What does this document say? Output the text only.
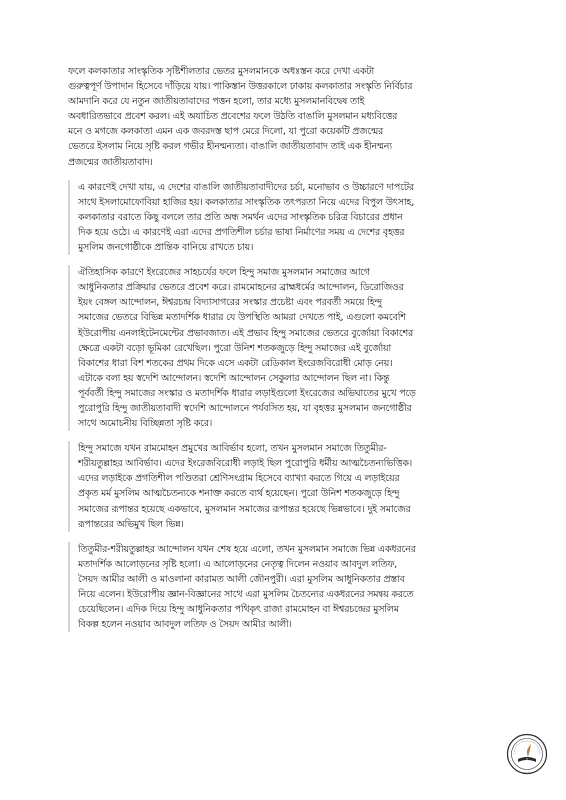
ফলে কলকাতার সাংস্কৃতিক সৃষ্টিশীলতার ভেতর মুসলমানকে অধঃস্তন করে দেখা একটা
গুরুত্বপূর্ণ উপাদান হিসেবে দাঁড়িয়ে যায়। পাকিস্তান উত্তরকালে ঢাকায় কলকাতার সংস্কৃতি নির্বিচার
আমদানি করে যে নতুন জাতীয়তাবাদের পত্তন হলো, তার মধ্যে মুসলমানবিদ্বেষ তাই
অবধারিতভাবে প্রবেশ করল। এই অযাচিত প্রবেশের ফলে উঠতি বাঙালি মুসলমান মধ্যবিত্তের
মনে ও মগজে কলকাতা এমন এক জবরদস্ত ছাপ মেরে দিলো, যা পুরো কয়েকটি প্রজন্মের
ভেতরে ইসলাম নিয়ে সৃষ্টি করল গভীর হীনম্মন্যতা। বাঙালি জাতীয়তাবাদ তাই এক হীনম্মন্য
প্রজন্মের জাতীয়তাবাদ।

এ কারণেই দেখা যায়, এ দেশের বাঙালি জাতীয়তাবাদীদের চর্চা, মনোভাব ও উচ্চারণে দাপটের
সাথে ইসলামোফোবিয়া হাজির হয়। কলকাতার সাংস্কৃতিক তৎপরতা নিয়ে এদের বিপুল উৎসাহ,
কলকাতার বরাতে কিছু বললে তার প্রতি অন্ধ সমর্থন এদের সাংস্কৃতিক চরিত্র বিচারের প্রধান
দিক হয়ে ওঠে। এ কারণেই এরা এদের প্রগতিশীল চর্চার ভাষা নির্মাণের সময় এ দেশের বৃহত্তর
মুসলিম জনগোষ্ঠীকে প্রান্তিক বানিয়ে রাখতে চায়।

ঐতিহাসিক কারণে ইংরেজের সাহচর্যের ফলে হিন্দু সমাজ মুসলমান সমাজের আগে
আধুনিকতার প্রক্রিয়ার ভেতরে প্রবেশ করে। রামমোহনের ব্রাহ্মধর্মের আন্দোলন, ডিরোজিওর
ইয়ং বেঙ্গল আন্দোলন, ঈশ্বরচন্দ্র বিদ্যাসাগরের সংস্কার প্রচেষ্টা এবং পরবর্তী সময়ে হিন্দু
সমাজের ভেতরে বিভিন্ন মতাদর্শিক ধারার যে উপস্থিতি আমরা দেখতে পাই, এগুলো কমবেশি
ইউরোপীয় এনলাইটেনমেন্টের প্রভাবজাত। এই প্রভাব হিন্দু সমাজের ভেতরে বুর্জোয়া বিকাশের
ক্ষেত্রে একটা বড়ো ভূমিকা রেখেছিল। পুরো উনিশ শতকজুড়ে হিন্দু সমাজের এই বুর্জোয়া
বিকাশের ধারা বিশ শতকের প্রথম দিকে এসে একটা রেডিকাল ইংরেজবিরোধী মোড় নেয়।
এটাকে বলা হয় স্বদেশি আন্দোলন। স্বদেশি আন্দোলন সেকুলার আন্দোলন ছিল না। কিন্তু
পূর্ববর্তী হিন্দু সমাজের সংস্কার ও মতাদর্শিক ধারার লড়াইগুলো ইংরেজের অভিঘাতের মুখে পড়ে
পুরোপুরি হিন্দু জাতীয়তাবাদী স্বদেশি আন্দোলনে পর্যবসিত হয়, যা বৃহত্তর মুসলমান জনগোষ্ঠীর
সাথে অমোচনীয় বিচ্ছিন্নতা সৃষ্টি করে।

হিন্দু সমাজে যখন রামমোহন প্রমুখের আবির্ভাব হলো, তখন মুসলমান সমাজে তিতুমীর-
শরীয়তুল্লাহর আবির্ভাব। এদের ইংরেজবিরোধী লড়াই ছিল পুরোপুরি ধর্মীয় আত্মচৈতন্যভিত্তিক।
এদের লড়াইকে প্রগতিশীল পণ্ডিতরা শ্রেণিসংগ্রাম হিসেবে ব্যাখ্যা করতে গিয়ে এ লড়াইয়ের
প্রকৃত মর্ম মুসলিম আত্মচৈতন্যকে শনাক্ত করতে ব্যর্থ হয়েছেন। পুরো উনিশ শতকজুড়ে হিন্দু
সমাজের রূপান্তর হয়েছে একভাবে, মুসলমান সমাজের রূপান্তর হয়েছে ভিন্নভাবে। দুই সমাজের
রূপান্তরের অভিমুখ ছিল ভিন্ন।

তিতুমীর-শরীয়তুল্লাহর আন্দোলন যখন শেষ হয়ে এলো, তখন মুসলমান সমাজে ভিন্ন একধরনের
মতাদর্শিক আলোড়নের সৃষ্টি হলো। এ আলোড়নের নেতৃত্ব দিলেন নওয়াব আবদুল লতিফ,
সৈয়দ আমীর আলী ও মাওলানা কারামত আলী জৌনপুরী। এরা মুসলিম আধুনিকতার প্রস্তাব
নিয়ে এলেন। ইউরোপীয় জ্ঞান-বিজ্ঞানের সাথে এরা মুসলিম চৈতন্যের একধরনের সমন্বয় করতে
চেয়েছিলেন। এদিক দিয়ে হিন্দু আধুনিকতার পথিকৃৎ রাজা রামমোহন বা ঈশ্বরচন্দ্রের মুসলিম
বিকল্প হলেন নওয়াব আবদুল লতিফ ও সৈয়দ আমীর আলী।
